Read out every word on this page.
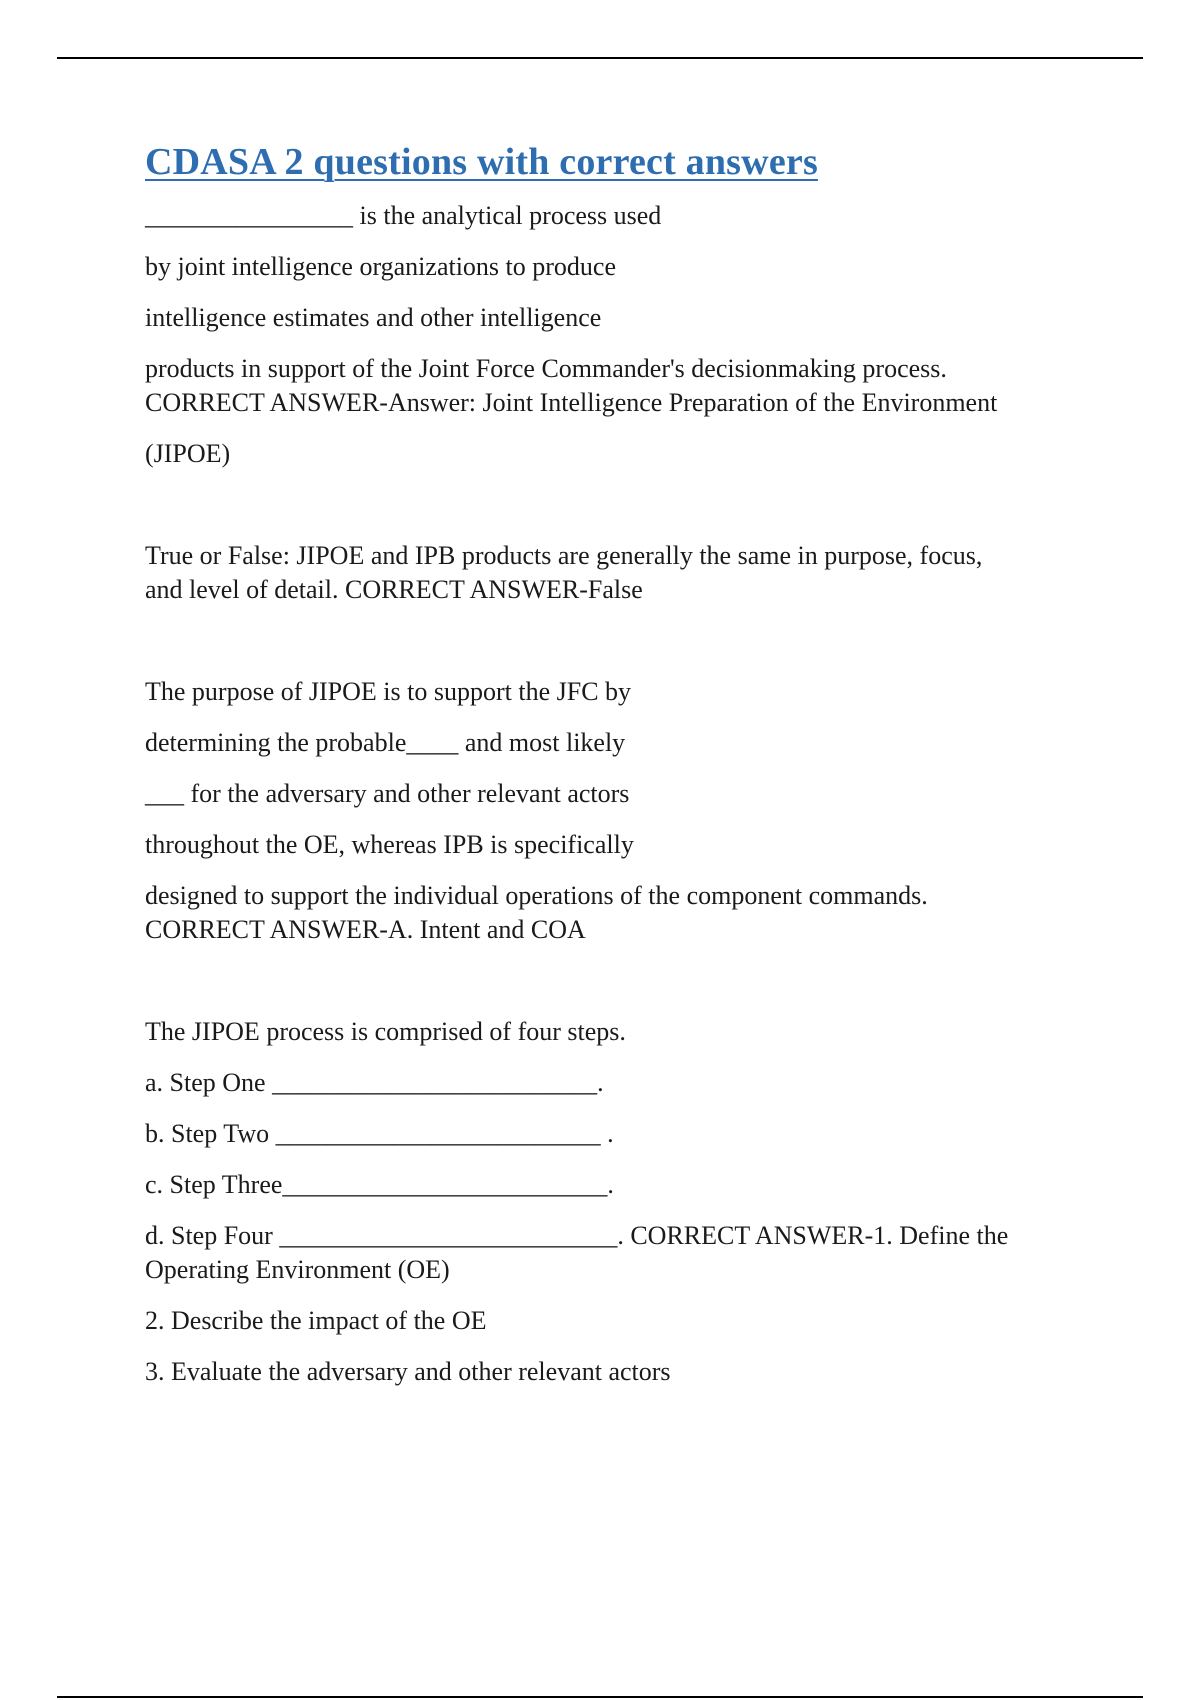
CDASA 2 questions with correct answers
________________ is the analytical process used
by joint intelligence organizations to produce
intelligence estimates and other intelligence
products in support of the Joint Force Commander's decisionmaking process.
CORRECT ANSWER-Answer: Joint Intelligence Preparation of the Environment
(JIPOE)
True or False: JIPOE and IPB products are generally the same in purpose, focus,
and level of detail. CORRECT ANSWER-False
The purpose of JIPOE is to support the JFC by
determining the probable____ and most likely
___ for the adversary and other relevant actors
throughout the OE, whereas IPB is specifically
designed to support the individual operations of the component commands.
CORRECT ANSWER-A. Intent and COA
The JIPOE process is comprised of four steps.
a. Step One _________________________.
b. Step Two _________________________ .
c. Step Three_________________________.
d. Step Four __________________________. CORRECT ANSWER-1. Define the
Operating Environment (OE)
2. Describe the impact of the OE
3. Evaluate the adversary and other relevant actors
